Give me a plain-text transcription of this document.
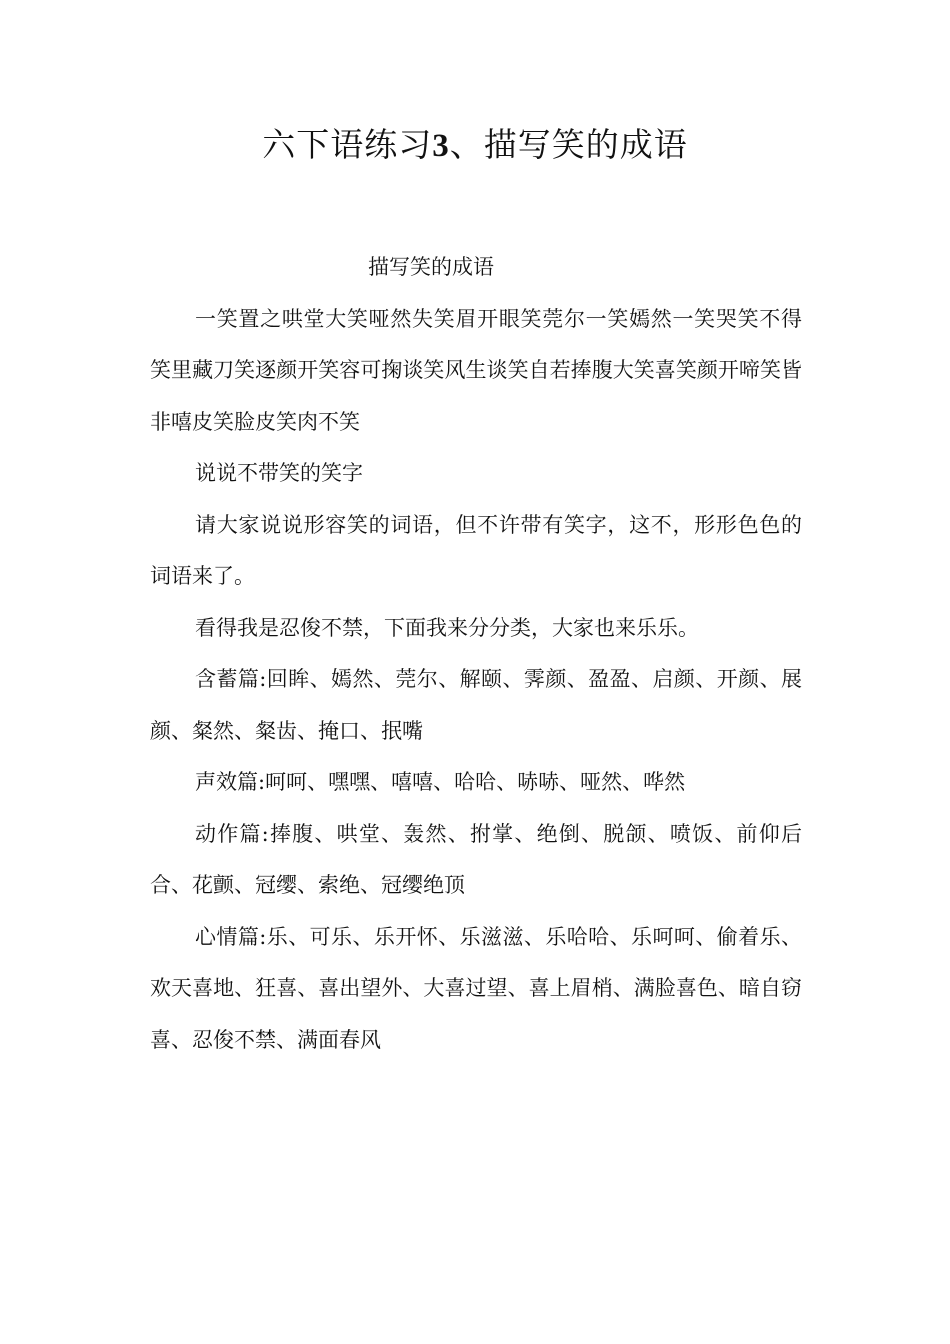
六下语练习3、描写笑的成语

描写笑的成语

一笑置之哄堂大笑哑然失笑眉开眼笑莞尔一笑嫣然一笑哭笑不得笑里藏刀笑逐颜开笑容可掬谈笑风生谈笑自若捧腹大笑喜笑颜开啼笑皆非嘻皮笑脸皮笑肉不笑

说说不带笑的笑字

请大家说说形容笑的词语，但不许带有笑字，这不，形形色色的词语来了。

看得我是忍俊不禁，下面我来分分类，大家也来乐乐。

含蓄篇:回眸、嫣然、莞尔、解颐、霁颜、盈盈、启颜、开颜、展颜、粲然、粲齿、掩口、抿嘴

声效篇:呵呵、嘿嘿、嘻嘻、哈哈、哧哧、哑然、哗然

动作篇:捧腹、哄堂、轰然、拊掌、绝倒、脱颌、喷饭、前仰后合、花颤、冠缨、索绝、冠缨绝顶

心情篇:乐、可乐、乐开怀、乐滋滋、乐哈哈、乐呵呵、偷着乐、欢天喜地、狂喜、喜出望外、大喜过望、喜上眉梢、满脸喜色、暗自窃喜、忍俊不禁、满面春风
